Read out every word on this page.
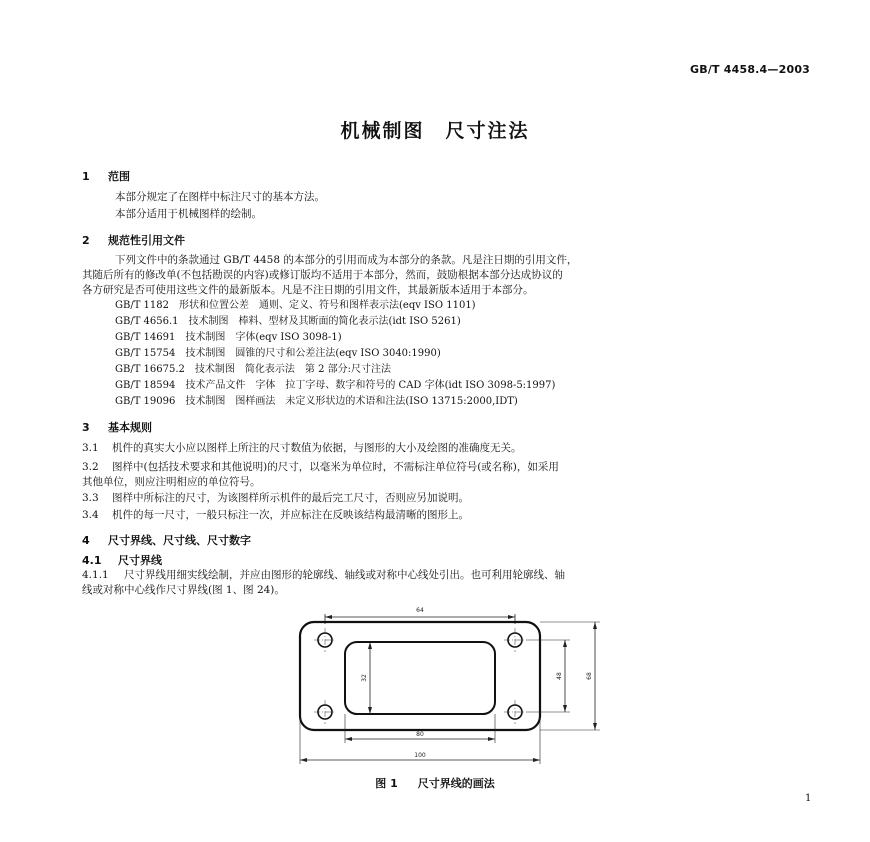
GB/T 4458.4—2003
机械制图　尺寸注法
1 范围
本部分规定了在图样中标注尺寸的基本方法。
本部分适用于机械图样的绘制。
2 规范性引用文件
下列文件中的条款通过 GB/T 4458 的本部分的引用而成为本部分的条款。凡是注日期的引用文件，
其随后所有的修改单(不包括勘误的内容)或修订版均不适用于本部分，然而，鼓励根据本部分达成协议的
各方研究是否可使用这些文件的最新版本。凡是不注日期的引用文件，其最新版本适用于本部分。
GB/T 1182　形状和位置公差　通则、定义、符号和图样表示法(eqv ISO 1101)
GB/T 4656.1　技术制图　棒料、型材及其断面的简化表示法(idt ISO 5261)
GB/T 14691　技术制图　字体(eqv ISO 3098-1)
GB/T 15754　技术制图　圆锥的尺寸和公差注法(eqv ISO 3040:1990)
GB/T 16675.2　技术制图　简化表示法　第 2 部分:尺寸注法
GB/T 18594　技术产品文件　字体　拉丁字母、数字和符号的 CAD 字体(idt ISO 3098-5:1997)
GB/T 19096　技术制图　图样画法　未定义形状边的术语和注法(ISO 13715:2000,IDT)
3 基本规则
3.1 机件的真实大小应以图样上所注的尺寸数值为依据，与图形的大小及绘图的准确度无关。
3.2 图样中(包括技术要求和其他说明)的尺寸，以毫米为单位时，不需标注单位符号(或名称)，如采用
其他单位，则应注明相应的单位符号。
3.3 图样中所标注的尺寸，为该图样所示机件的最后完工尺寸，否则应另加说明。
3.4 机件的每一尺寸，一般只标注一次，并应标注在反映该结构最清晰的图形上。
4 尺寸界线、尺寸线、尺寸数字
4.1 尺寸界线
4.1.1 尺寸界线用细实线绘制，并应由图形的轮廓线、轴线或对称中心线处引出。也可利用轮廓线、轴
线或对称中心线作尺寸界线(图 1、图 24)。
64
32	48	68
80
100
图 1 尺寸界线的画法
1
